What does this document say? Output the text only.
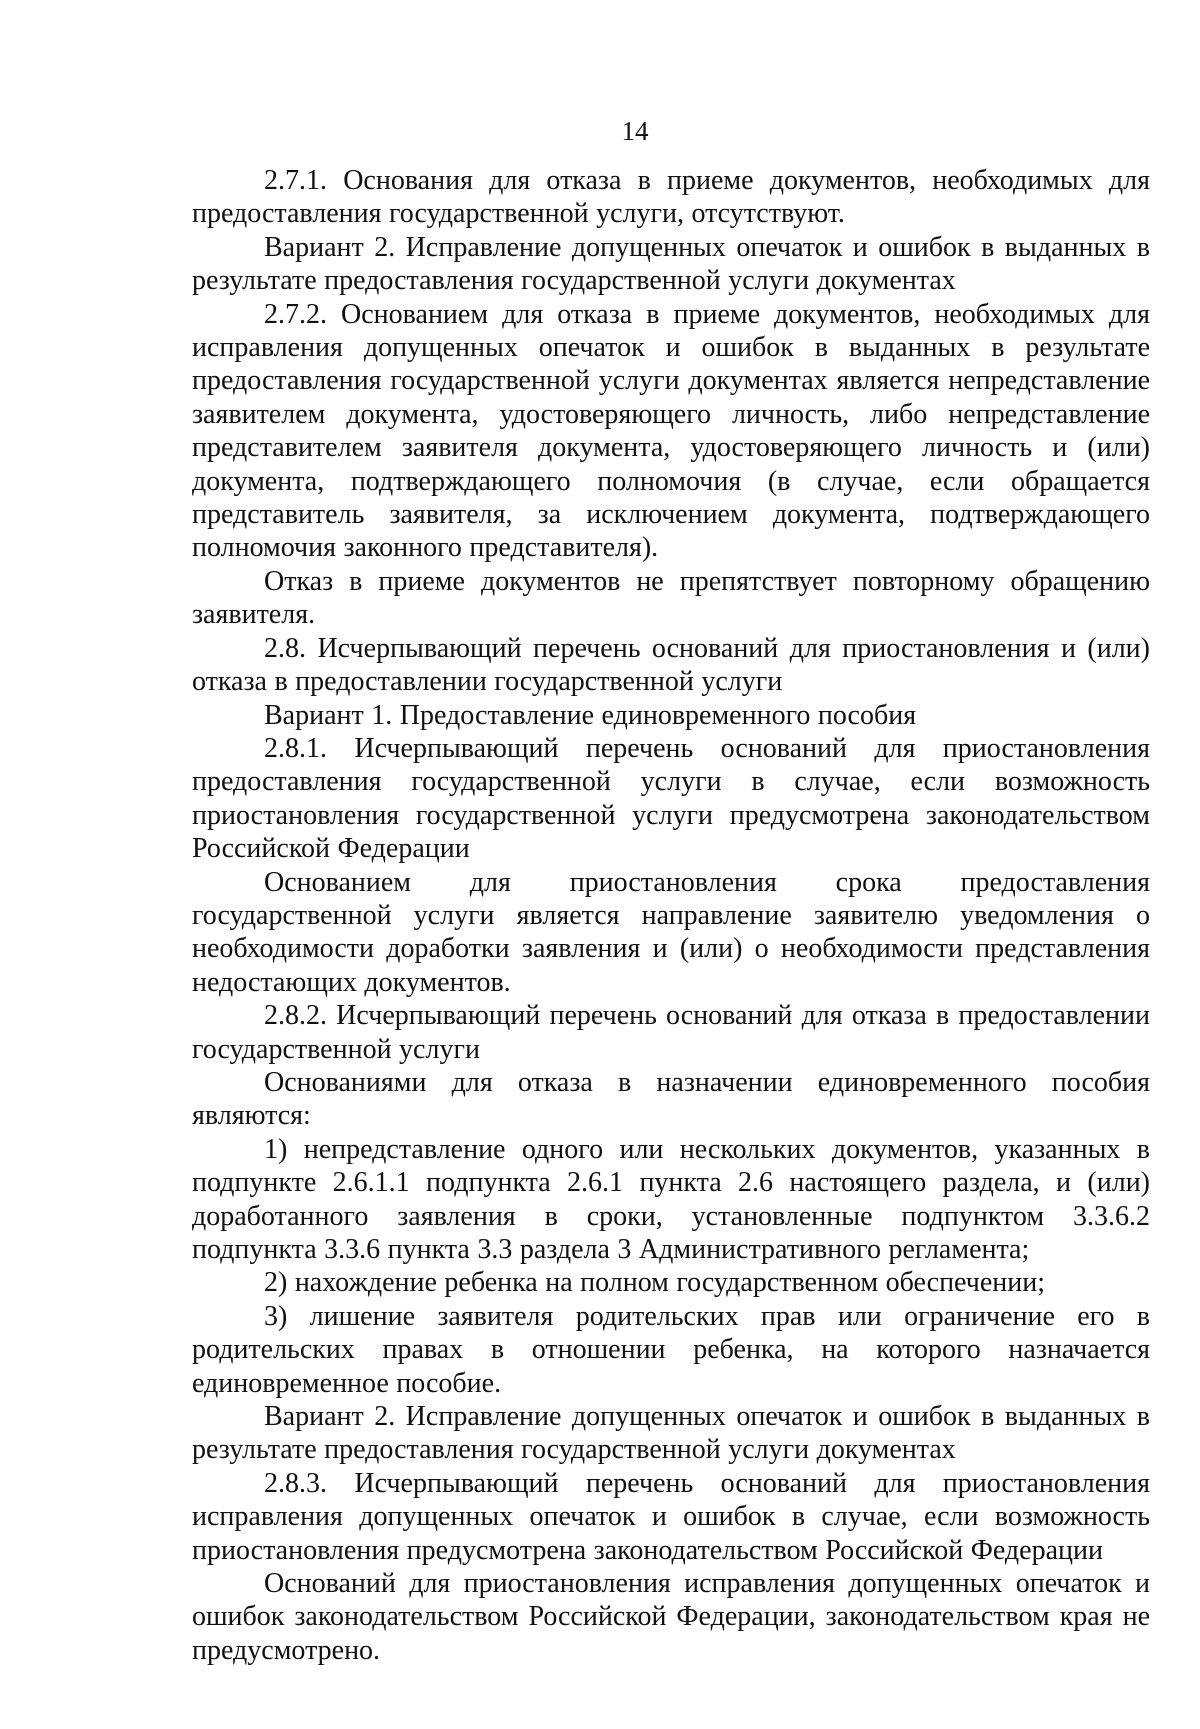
14

2.7.1. Основания для отказа в приеме документов, необходимых для предоставления государственной услуги, отсутствуют.

Вариант 2. Исправление допущенных опечаток и ошибок в выданных в результате предоставления государственной услуги документах

2.7.2. Основанием для отказа в приеме документов, необходимых для исправления допущенных опечаток и ошибок в выданных в результате предоставления государственной услуги документах является непредставление заявителем документа, удостоверяющего личность, либо непредставление представителем заявителя документа, удостоверяющего личность и (или) документа, подтверждающего полномочия (в случае, если обращается представитель заявителя, за исключением документа, подтверждающего полномочия законного представителя).

Отказ в приеме документов не препятствует повторному обращению заявителя.

2.8. Исчерпывающий перечень оснований для приостановления и (или) отказа в предоставлении государственной услуги

Вариант 1. Предоставление единовременного пособия

2.8.1. Исчерпывающий перечень оснований для приостановления предоставления государственной услуги в случае, если возможность приостановления государственной услуги предусмотрена законодательством Российской Федерации

Основанием для приостановления срока предоставления государственной услуги является направление заявителю уведомления о необходимости доработки заявления и (или) о необходимости представления недостающих документов.

2.8.2. Исчерпывающий перечень оснований для отказа в предоставлении государственной услуги

Основаниями для отказа в назначении единовременного пособия являются:

1) непредставление одного или нескольких документов, указанных в подпункте 2.6.1.1 подпункта 2.6.1 пункта 2.6 настоящего раздела, и (или) доработанного заявления в сроки, установленные подпунктом 3.3.6.2 подпункта 3.3.6 пункта 3.3 раздела 3 Административного регламента;

2) нахождение ребенка на полном государственном обеспечении;

3) лишение заявителя родительских прав или ограничение его в родительских правах в отношении ребенка, на которого назначается единовременное пособие.

Вариант 2. Исправление допущенных опечаток и ошибок в выданных в результате предоставления государственной услуги документах

2.8.3. Исчерпывающий перечень оснований для приостановления исправления допущенных опечаток и ошибок в случае, если возможность приостановления предусмотрена законодательством Российской Федерации

Оснований для приостановления исправления допущенных опечаток и ошибок законодательством Российской Федерации, законодательством края не предусмотрено.
